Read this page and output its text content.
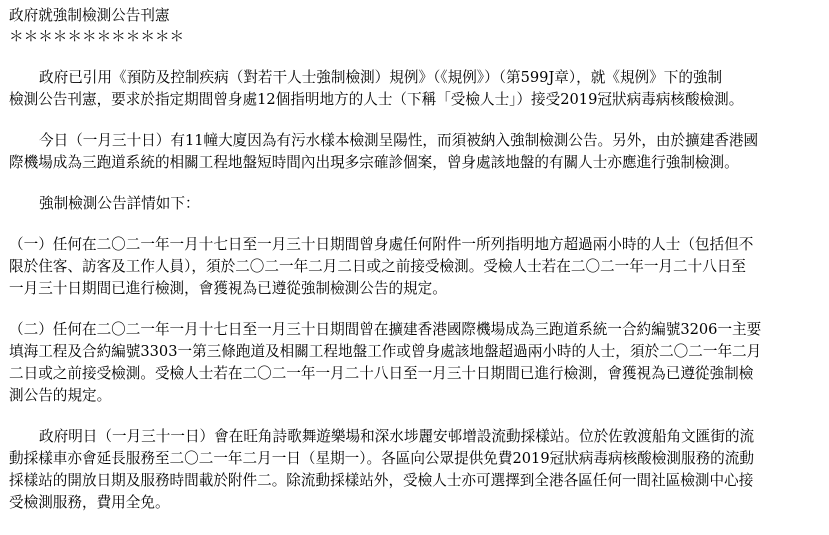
政府就強制檢測公告刊憲
＊＊＊＊＊＊＊＊＊＊＊＊
政府已引用《預防及控制疾病（對若干人士強制檢測）規例》（《規例》）（第599J章），就《規例》下的強制
檢測公告刊憲，要求於指定期間曾身處12個指明地方的人士（下稱「受檢人士」）接受2019冠狀病毒病核酸檢測。
今日（一月三十日）有11幢大廈因為有污水樣本檢測呈陽性，而須被納入強制檢測公告。另外，由於擴建香港國
際機場成為三跑道系統的相關工程地盤短時間內出現多宗確診個案，曾身處該地盤的有關人士亦應進行強制檢測。
強制檢測公告詳情如下：
（一）任何在二〇二一年一月十七日至一月三十日期間曾身處任何附件一所列指明地方超過兩小時的人士（包括但不
限於住客、訪客及工作人員），須於二〇二一年二月二日或之前接受檢測。受檢人士若在二〇二一年一月二十八日至
一月三十日期間已進行檢測，會獲視為已遵從強制檢測公告的規定。
（二）任何在二〇二一年一月十七日至一月三十日期間曾在擴建香港國際機場成為三跑道系統一合約編號3206一主要
填海工程及合約編號3303一第三條跑道及相關工程地盤工作或曾身處該地盤超過兩小時的人士，須於二〇二一年二月
二日或之前接受檢測。受檢人士若在二〇二一年一月二十八日至一月三十日期間已進行檢測，會獲視為已遵從強制檢
測公告的規定。
政府明日（一月三十一日）會在旺角詩歌舞遊樂場和深水埗麗安邨增設流動採樣站。位於佐敦渡船角文匯街的流
動採樣車亦會延長服務至二〇二一年二月一日（星期一）。各區向公眾提供免費2019冠狀病毒病核酸檢測服務的流動
採樣站的開放日期及服務時間載於附件二。除流動採樣站外，受檢人士亦可選擇到全港各區任何一間社區檢測中心接
受檢測服務，費用全免。
